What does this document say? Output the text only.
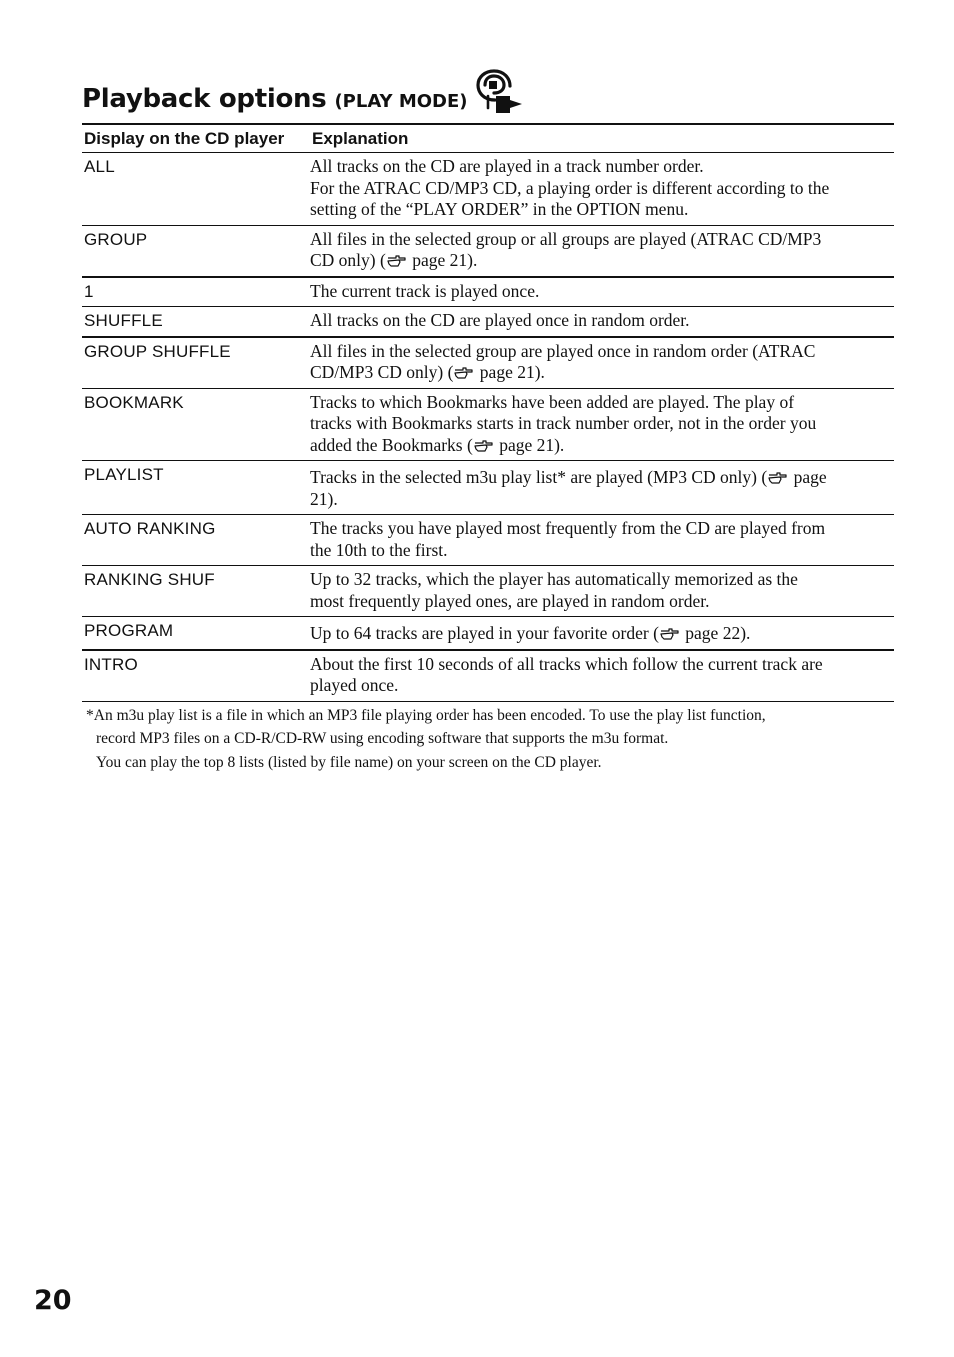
Playback options (PLAY MODE)
Display on the CD player	Explanation
ALL	All tracks on the CD are played in a track number order.
For the ATRAC CD/MP3 CD, a playing order is different according to the
setting of the “PLAY ORDER” in the OPTION menu.

GROUP	All files in the selected group or all groups are played (ATRAC CD/MP3
CD only) ( page 21).

1	The current track is played once.

SHUFFLE	All tracks on the CD are played once in random order.

GROUP SHUFFLE	All files in the selected group are played once in random order (ATRAC
CD/MP3 CD only) ( page 21).

BOOKMARK	Tracks to which Bookmarks have been added are played. The play of
tracks with Bookmarks starts in track number order, not in the order you
added the Bookmarks ( page 21).

PLAYLIST	Tracks in the selected m3u play list* are played (MP3 CD only) ( page
21).

AUTO RANKING	The tracks you have played most frequently from the CD are played from
the 10th to the first.

RANKING SHUF	Up to 32 tracks, which the player has automatically memorized as the
most frequently played ones, are played in random order.

PROGRAM	Up to 64 tracks are played in your favorite order ( page 22).

INTRO	About the first 10 seconds of all tracks which follow the current track are
played once.
*An m3u play list is a file in which an MP3 file playing order has been encoded. To use the play list function,
record MP3 files on a CD-R/CD-RW using encoding software that supports the m3u format.
You can play the top 8 lists (listed by file name) on your screen on the CD player.
20
